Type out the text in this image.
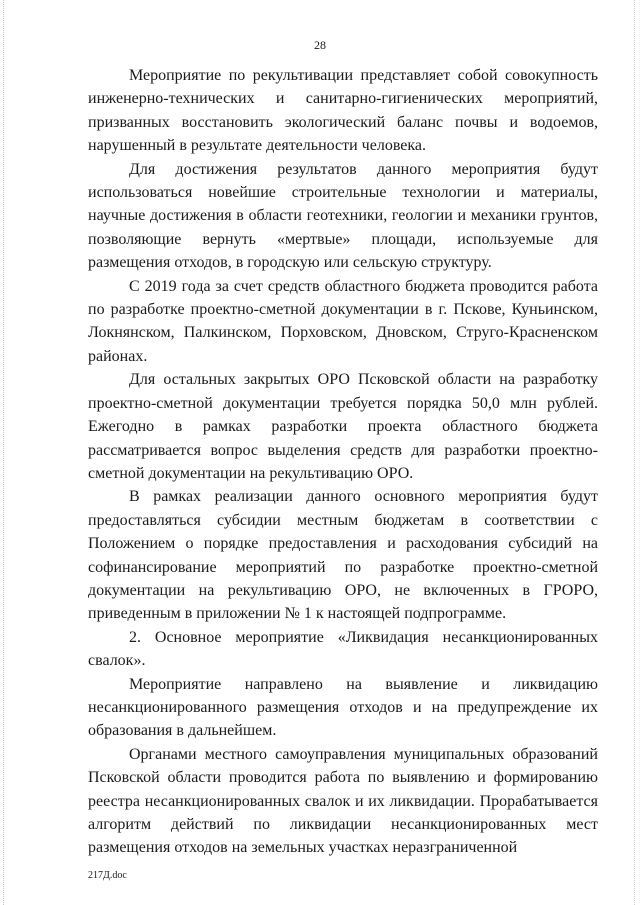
28

Мероприятие по рекультивации представляет собой совокупность инженерно-технических и санитарно-гигиенических мероприятий, призванных восстановить экологический баланс почвы и водоемов, нарушенный в результате деятельности человека.

Для достижения результатов данного мероприятия будут использоваться новейшие строительные технологии и материалы, научные достижения в области геотехники, геологии и механики грунтов, позволяющие вернуть «мертвые» площади, используемые для размещения отходов, в городскую или сельскую структуру.

С 2019 года за счет средств областного бюджета проводится работа по разработке проектно-сметной документации в г. Пскове, Куньинском, Локнянском, Палкинском, Порховском, Дновском, Струго-Красненском районах.

Для остальных закрытых ОРО Псковской области на разработку проектно-сметной документации требуется порядка 50,0 млн рублей. Ежегодно в рамках разработки проекта областного бюджета рассматривается вопрос выделения средств для разработки проектно-сметной документации на рекультивацию ОРО.

В рамках реализации данного основного мероприятия будут предоставляться субсидии местным бюджетам в соответствии с Положением о порядке предоставления и расходования субсидий на софинансирование мероприятий по разработке проектно-сметной документации на рекультивацию ОРО, не включенных в ГРОРО, приведенным в приложении № 1 к настоящей подпрограмме.

2. Основное мероприятие «Ликвидация несанкционированных свалок».

Мероприятие направлено на выявление и ликвидацию несанкционированного размещения отходов и на предупреждение их образования в дальнейшем.

Органами местного самоуправления муниципальных образований Псковской области проводится работа по выявлению и формированию реестра несанкционированных свалок и их ликвидации. Прорабатывается алгоритм действий по ликвидации несанкционированных мест размещения отходов на земельных участках неразграниченной

217Д.doc
